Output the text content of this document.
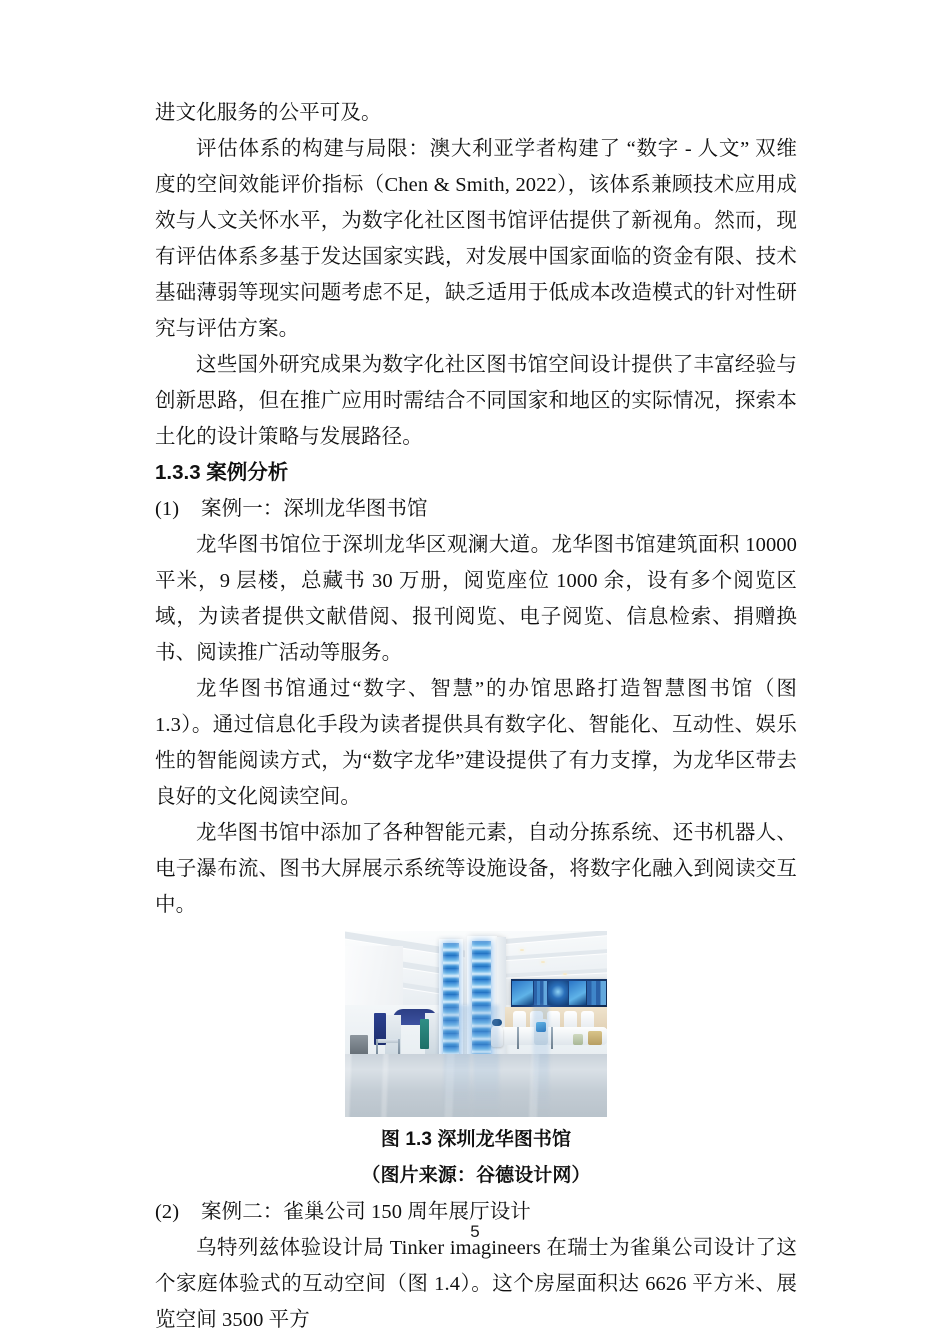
进文化服务的公平可及。

评估体系的构建与局限：澳大利亚学者构建了 “数字 - 人文” 双维度的空间效能评价指标（Chen & Smith, 2022），该体系兼顾技术应用成效与人文关怀水平，为数字化社区图书馆评估提供了新视角。然而，现有评估体系多基于发达国家实践，对发展中国家面临的资金有限、技术基础薄弱等现实问题考虑不足，缺乏适用于低成本改造模式的针对性研究与评估方案。

这些国外研究成果为数字化社区图书馆空间设计提供了丰富经验与创新思路，但在推广应用时需结合不同国家和地区的实际情况，探索本土化的设计策略与发展路径。

1.3.3 案例分析

(1) 案例一：深圳龙华图书馆

龙华图书馆位于深圳龙华区观澜大道。龙华图书馆建筑面积 10000 平米，9 层楼，总藏书 30 万册，阅览座位 1000 余，设有多个阅览区域，为读者提供文献借阅、报刊阅览、电子阅览、信息检索、捐赠换书、阅读推广活动等服务。

龙华图书馆通过“数字、智慧”的办馆思路打造智慧图书馆（图 1.3）。通过信息化手段为读者提供具有数字化、智能化、互动性、娱乐性的智能阅读方式，为“数字龙华”建设提供了有力支撑，为龙华区带去良好的文化阅读空间。

龙华图书馆中添加了各种智能元素，自动分拣系统、还书机器人、电子瀑布流、图书大屏展示系统等设施设备，将数字化融入到阅读交互中。

图 1.3 深圳龙华图书馆

（图片来源：谷德设计网）

(2) 案例二：雀巢公司 150 周年展厅设计

乌特列兹体验设计局 Tinker imagineers 在瑞士为雀巢公司设计了这个家庭体验式的互动空间（图 1.4）。这个房屋面积达 6626 平方米、展览空间 3500 平方

5
